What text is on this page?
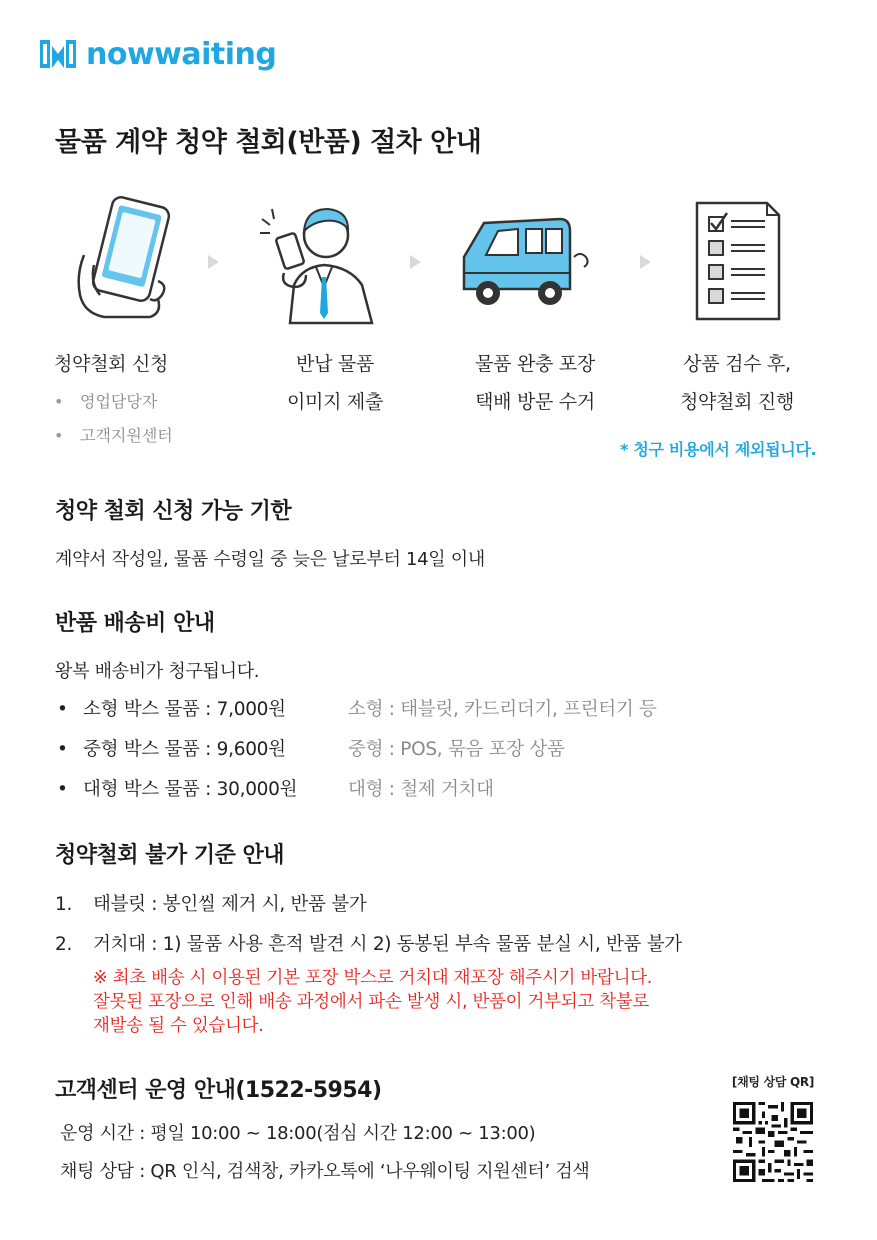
nowwaiting
물품 계약 청약 철회(반품) 절차 안내
청약철회 신청
• 영업담당자
• 고객지원센터
반납 물품
이미지 제출
물품 완충 포장
택배 방문 수거
상품 검수 후,
청약철회 진행
* 청구 비용에서 제외됩니다.
청약 철회 신청 가능 기한

계약서 작성일, 물품 수령일 중 늦은 날로부터 14일 이내

반품 배송비 안내

왕복 배송비가 청구됩니다.

• 소형 박스 물품 : 7,000원	소형 : 태블릿, 카드리더기, 프린터기 등
• 중형 박스 물품 : 9,600원	중형 : POS, 묶음 포장 상품
• 대형 박스 물품 : 30,000원	대형 : 철제 거치대
청약철회 불가 기준 안내
1. 태블릿 : 봉인씰 제거 시, 반품 불가
2. 거치대 : 1) 물품 사용 흔적 발견 시 2) 동봉된 부속 물품 분실 시, 반품 불가
※ 최초 배송 시 이용된 기본 포장 박스로 거치대 재포장 해주시기 바랍니다.
잘못된 포장으로 인해 배송 과정에서 파손 발생 시, 반품이 거부되고 착불로
재발송 될 수 있습니다.
고객센터 운영 안내(1522-5954)

운영 시간 : 평일 10:00 ~ 18:00(점심 시간 12:00 ~ 13:00)

채팅 상담 : QR 인식, 검색창, 카카오톡에 ‘나우웨이팅 지원센터’ 검색

[채팅 상담 QR]
